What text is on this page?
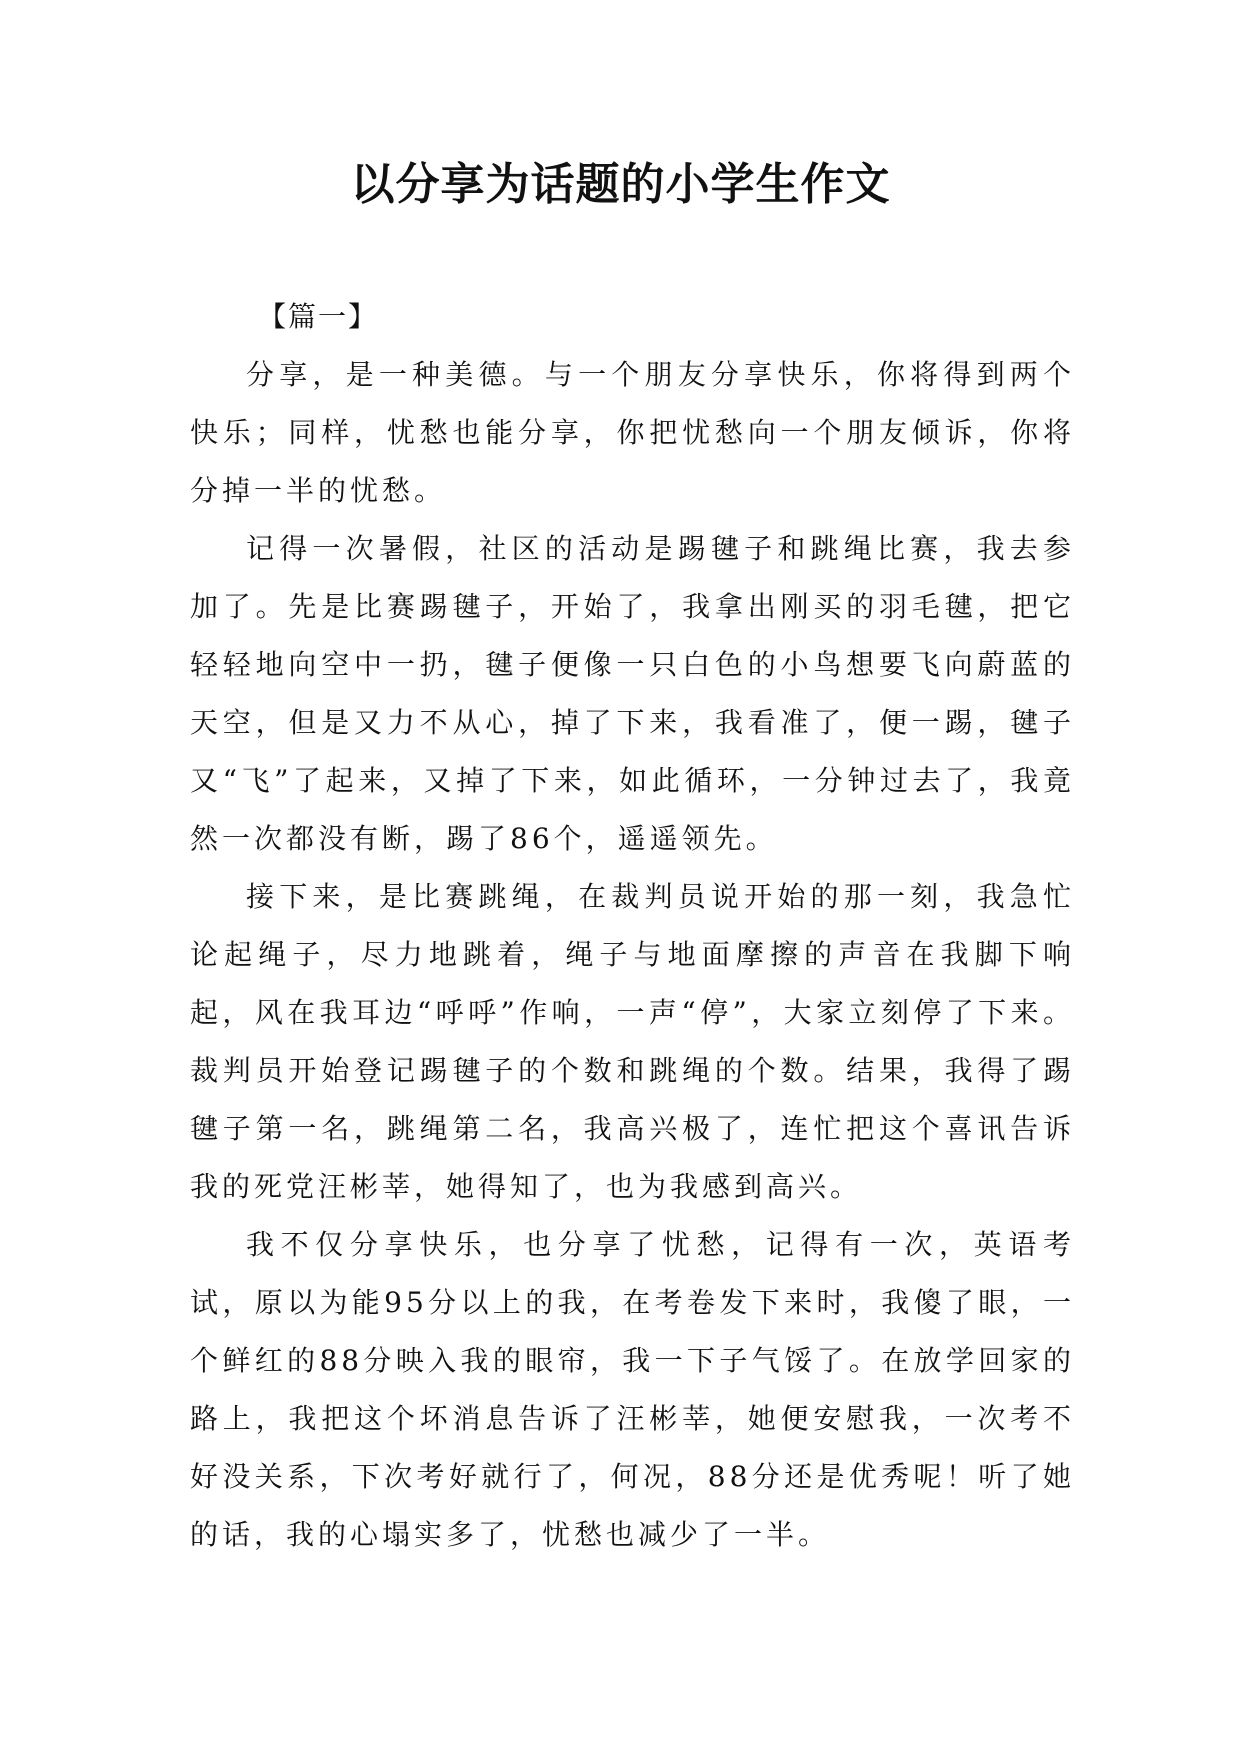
以分享为话题的小学生作文

【篇一】

分享，是一种美德。与一个朋友分享快乐，你将得到两个快乐；同样，忧愁也能分享，你把忧愁向一个朋友倾诉，你将分掉一半的忧愁。

记得一次暑假，社区的活动是踢毽子和跳绳比赛，我去参加了。先是比赛踢毽子，开始了，我拿出刚买的羽毛毽，把它轻轻地向空中一扔，毽子便像一只白色的小鸟想要飞向蔚蓝的天空，但是又力不从心，掉了下来，我看准了，便一踢，毽子又“飞”了起来，又掉了下来，如此循环，一分钟过去了，我竟然一次都没有断，踢了86个，遥遥领先。

接下来，是比赛跳绳，在裁判员说开始的那一刻，我急忙论起绳子，尽力地跳着，绳子与地面摩擦的声音在我脚下响起，风在我耳边“呼呼”作响，一声“停”，大家立刻停了下来。裁判员开始登记踢毽子的个数和跳绳的个数。结果，我得了踢毽子第一名，跳绳第二名，我高兴极了，连忙把这个喜讯告诉我的死党汪彬莘，她得知了，也为我感到高兴。

我不仅分享快乐，也分享了忧愁，记得有一次，英语考试，原以为能95分以上的我，在考卷发下来时，我傻了眼，一个鲜红的88分映入我的眼帘，我一下子气馁了。在放学回家的路上，我把这个坏消息告诉了汪彬莘，她便安慰我，一次考不好没关系，下次考好就行了，何况，88分还是优秀呢！听了她的话，我的心塌实多了，忧愁也减少了一半。
